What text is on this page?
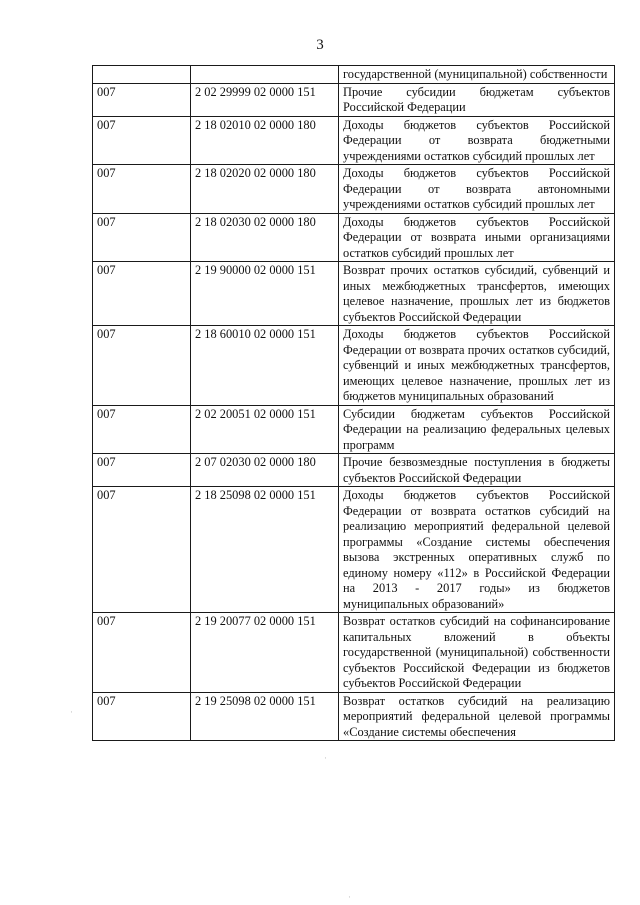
3
		государственной (муниципальной) собственности
007	2 02 29999 02 0000 151	Прочие субсидии бюджетам субъектов Российской Федерации
007	2 18 02010 02 0000 180	Доходы бюджетов субъектов Российской Федерации от возврата бюджетными учреждениями остатков субсидий прошлых лет
007	2 18 02020 02 0000 180	Доходы бюджетов субъектов Российской Федерации от возврата автономными учреждениями остатков субсидий прошлых лет
007	2 18 02030 02 0000 180	Доходы бюджетов субъектов Российской Федерации от возврата иными организациями остатков субсидий прошлых лет
007	2 19 90000 02 0000 151	Возврат прочих остатков субсидий, субвенций и иных межбюджетных трансфертов, имеющих целевое назначение, прошлых лет из бюджетов субъектов Российской Федерации
007	2 18 60010 02 0000 151	Доходы бюджетов субъектов Российской Федерации от возврата прочих остатков субсидий, субвенций и иных межбюджетных трансфертов, имеющих целевое назначение, прошлых лет из бюджетов муниципальных образований
007	2 02 20051 02 0000 151	Субсидии бюджетам субъектов Российской Федерации на реализацию федеральных целевых программ
007	2 07 02030 02 0000 180	Прочие безвозмездные поступления в бюджеты субъектов Российской Федерации
007	2 18 25098 02 0000 151	Доходы бюджетов субъектов Российской Федерации от возврата остатков субсидий на реализацию мероприятий федеральной целевой программы «Создание системы обеспечения вызова экстренных оперативных служб по единому номеру «112» в Российской Федерации на 2013 - 2017 годы» из бюджетов муниципальных образований»
007	2 19 20077 02 0000 151	Возврат остатков субсидий на софинансирование капитальных вложений в объекты государственной (муниципальной) собственности субъектов Российской Федерации из бюджетов субъектов Российской Федерации
007	2 19 25098 02 0000 151	Возврат остатков субсидий на реализацию мероприятий федеральной целевой программы «Создание системы обеспечения
·
·
·
